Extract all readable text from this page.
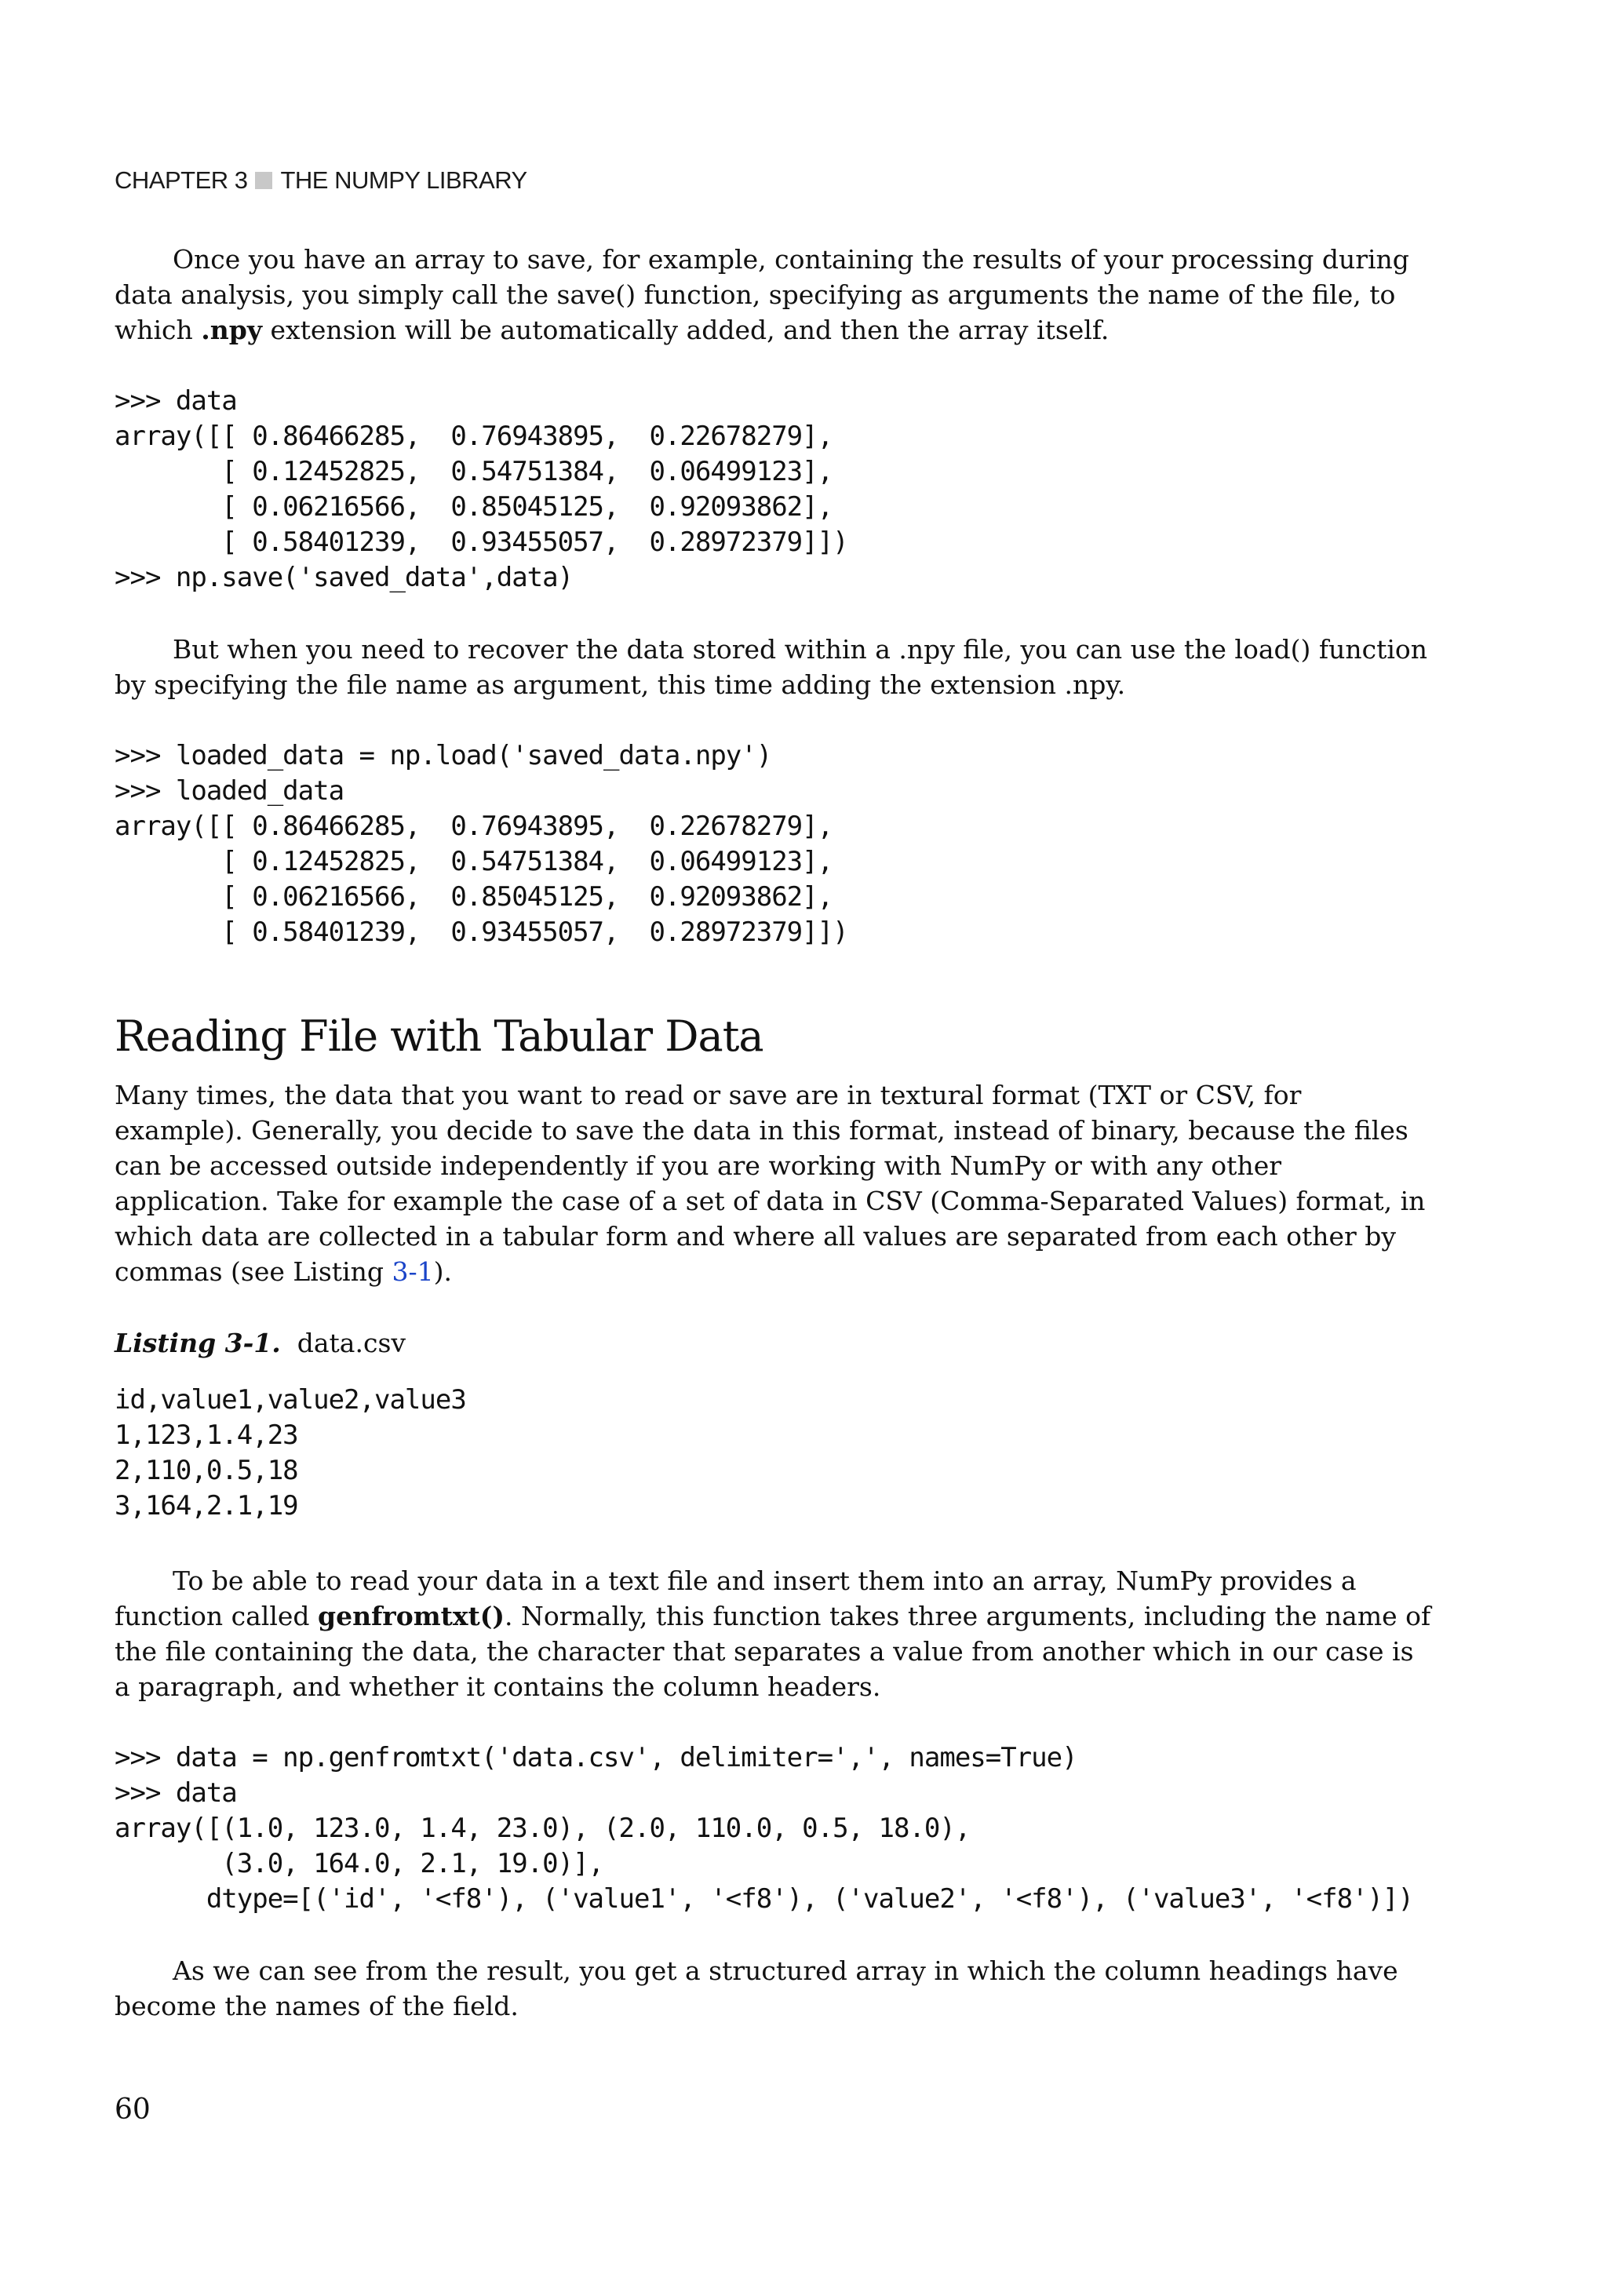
CHAPTER 3 THE NUMPY LIBRARY

Once you have an array to save, for example, containing the results of your processing during data analysis, you simply call the save() function, specifying as arguments the name of the file, to which .npy extension will be automatically added, and then the array itself.

>>> data
array([[ 0.86466285,  0.76943895,  0.22678279],
[ 0.12452825,  0.54751384,  0.06499123],
[ 0.06216566,  0.85045125,  0.92093862],
[ 0.58401239,  0.93455057,  0.28972379]])
>>> np.save('saved_data',data)

But when you need to recover the data stored within a .npy file, you can use the load() function by specifying the file name as argument, this time adding the extension .npy.

>>> loaded_data = np.load('saved_data.npy')
>>> loaded_data
array([[ 0.86466285,  0.76943895,  0.22678279],
[ 0.12452825,  0.54751384,  0.06499123],
[ 0.06216566,  0.85045125,  0.92093862],
[ 0.58401239,  0.93455057,  0.28972379]])
Reading File with Tabular Data

Many times, the data that you want to read or save are in textural format (TXT or CSV, for example). Generally, you decide to save the data in this format, instead of binary, because the files can be accessed outside independently if you are working with NumPy or with any other application. Take for example the case of a set of data in CSV (Comma-Separated Values) format, in which data are collected in a tabular form and where all values are separated from each other by commas (see Listing 3-1).

Listing 3-1. data.csv
id,value1,value2,value3
1,123,1.4,23
2,110,0.5,18
3,164,2.1,19

To be able to read your data in a text file and insert them into an array, NumPy provides a function called genfromtxt(). Normally, this function takes three arguments, including the name of the file containing the data, the character that separates a value from another which in our case is a paragraph, and whether it contains the column headers.

>>> data = np.genfromtxt('data.csv', delimiter=',', names=True)
>>> data
array([(1.0, 123.0, 1.4, 23.0), (2.0, 110.0, 0.5, 18.0),
(3.0, 164.0, 2.1, 19.0)],
dtype=[('id', '<f8'), ('value1', '<f8'), ('value2', '<f8'), ('value3', '<f8')])

As we can see from the result, you get a structured array in which the column headings have become the names of the field.

60
